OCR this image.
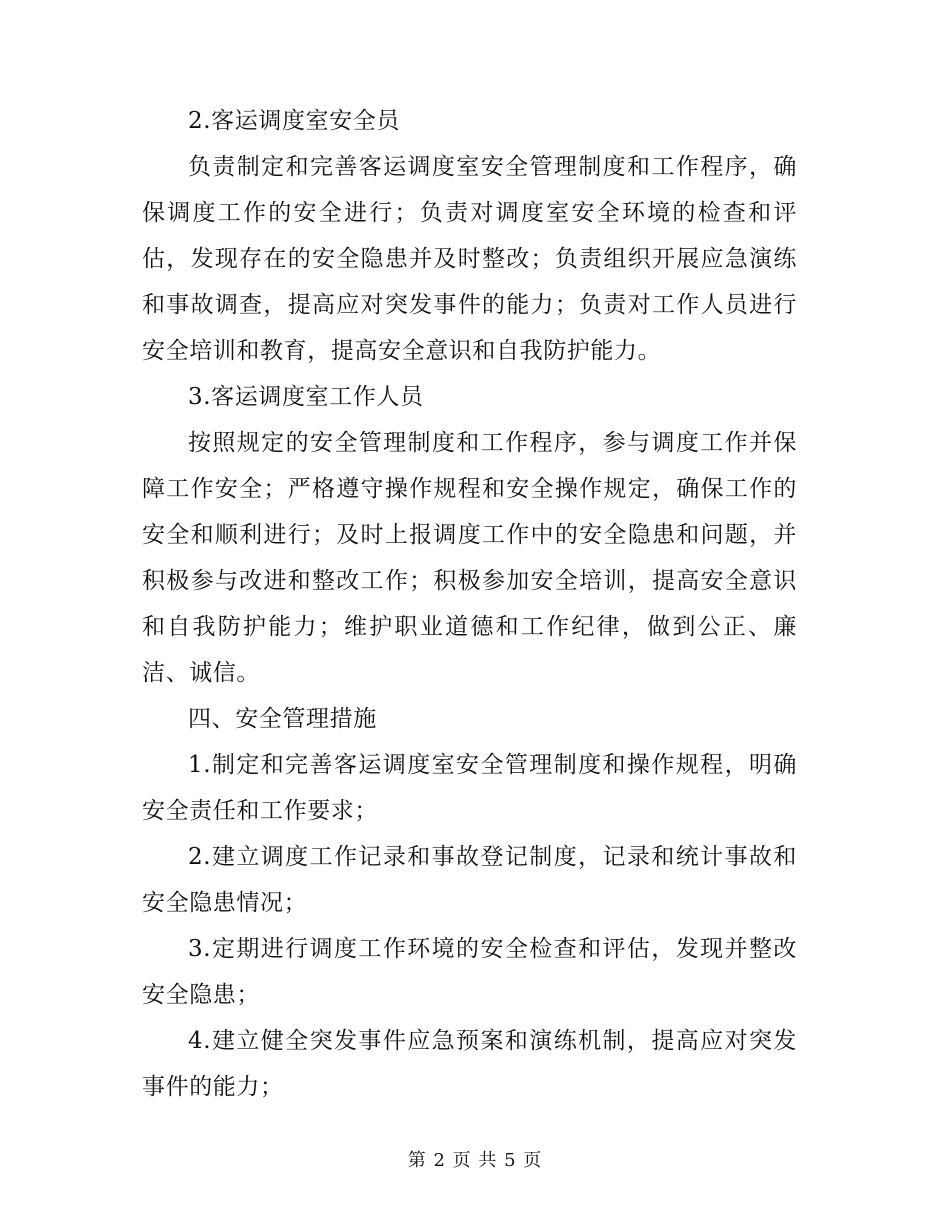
2.客运调度室安全员

负责制定和完善客运调度室安全管理制度和工作程序，确保调度工作的安全进行；负责对调度室安全环境的检查和评估，发现存在的安全隐患并及时整改；负责组织开展应急演练和事故调查，提高应对突发事件的能力；负责对工作人员进行安全培训和教育，提高安全意识和自我防护能力。

3.客运调度室工作人员

按照规定的安全管理制度和工作程序，参与调度工作并保障工作安全；严格遵守操作规程和安全操作规定，确保工作的安全和顺利进行；及时上报调度工作中的安全隐患和问题，并积极参与改进和整改工作；积极参加安全培训，提高安全意识和自我防护能力；维护职业道德和工作纪律，做到公正、廉洁、诚信。

四、安全管理措施

1.制定和完善客运调度室安全管理制度和操作规程，明确安全责任和工作要求；

2.建立调度工作记录和事故登记制度，记录和统计事故和安全隐患情况；

3.定期进行调度工作环境的安全检查和评估，发现并整改安全隐患；

4.建立健全突发事件应急预案和演练机制，提高应对突发事件的能力；

第 2 页 共 5 页
